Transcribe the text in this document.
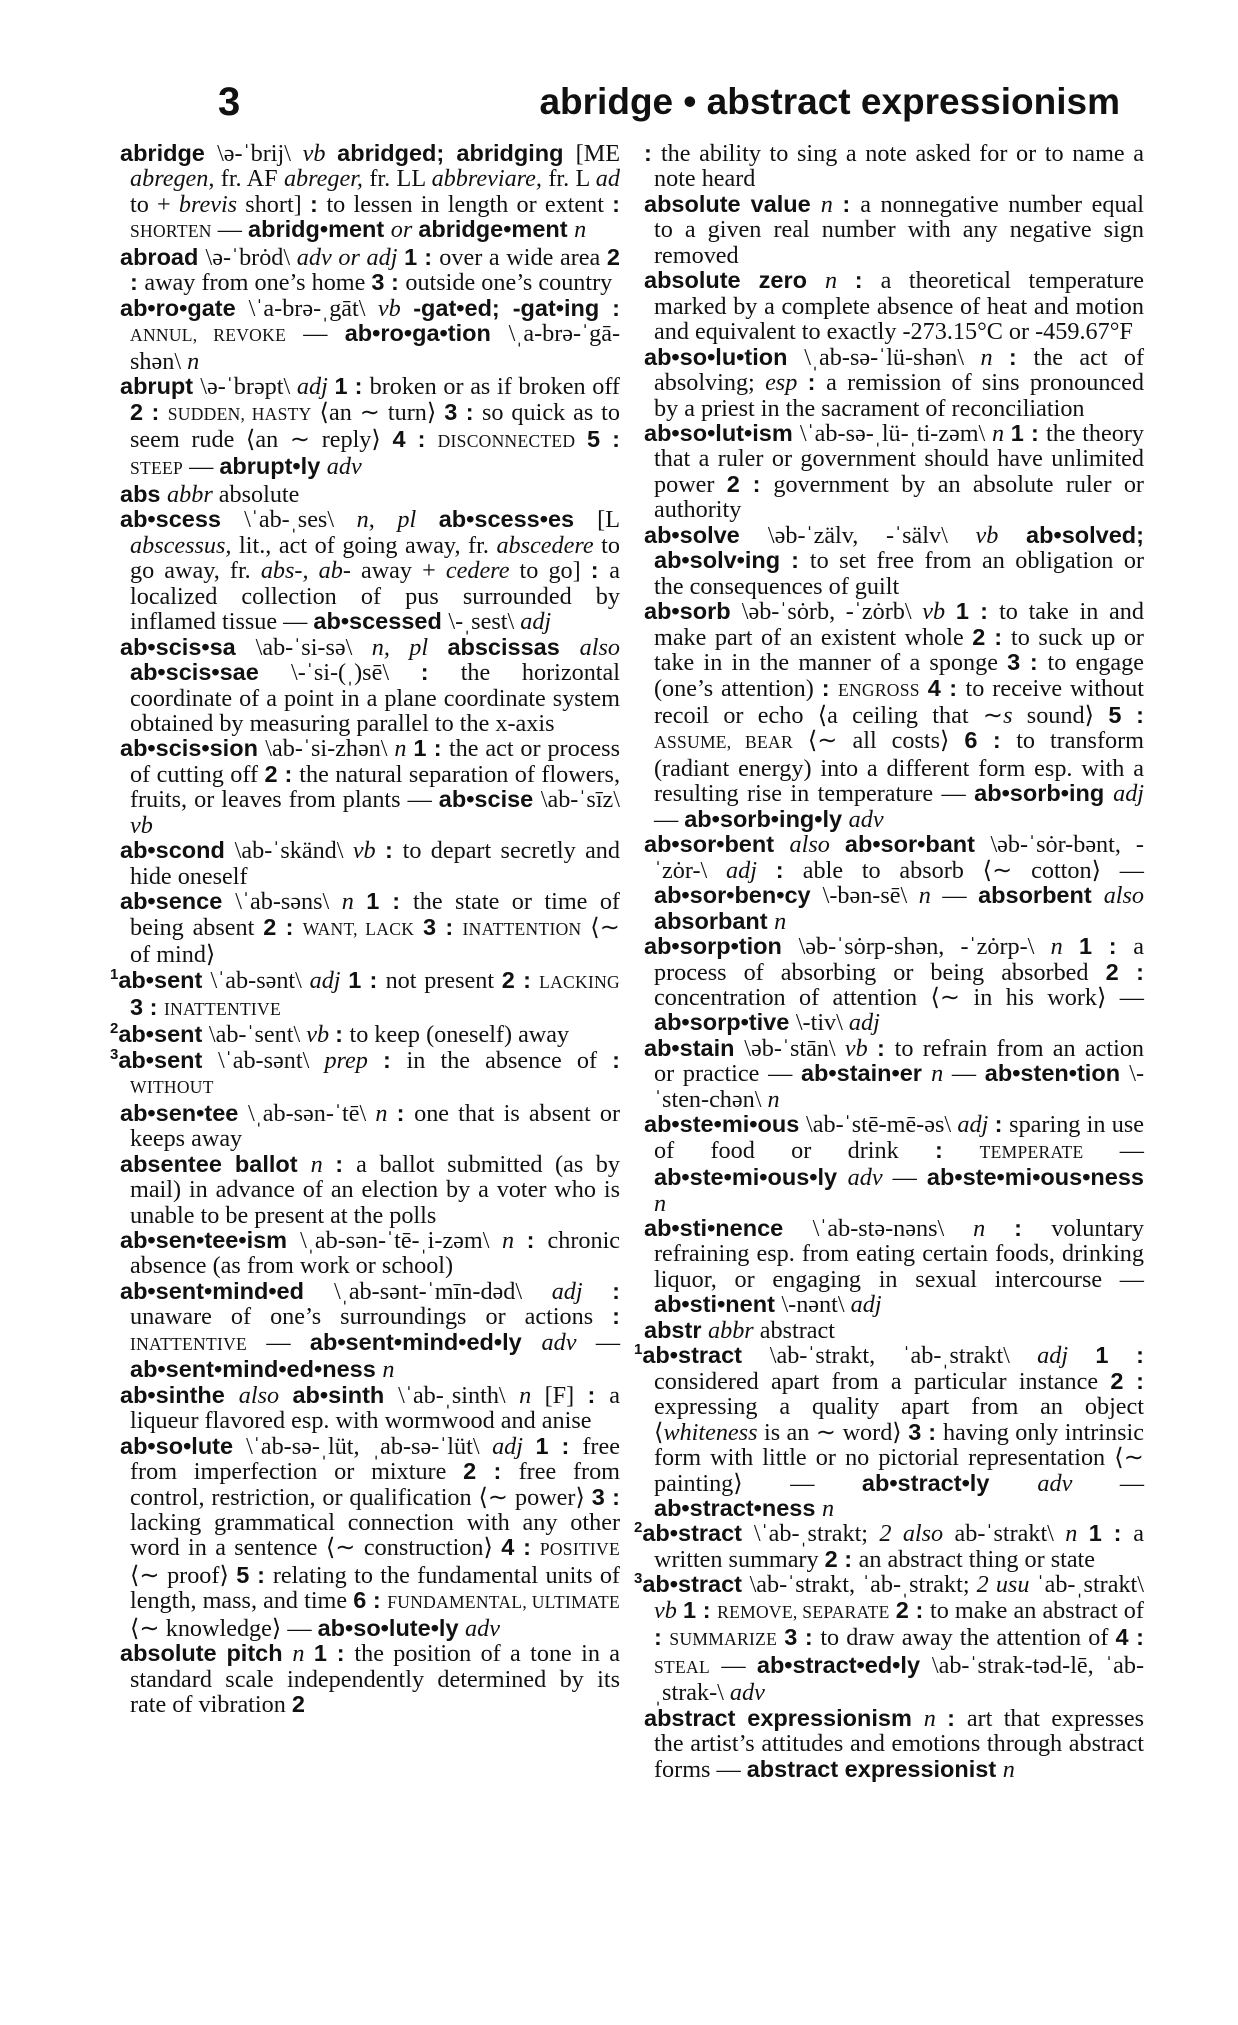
3	abridge • abstract expressionism

abridge \ə-ˈbrij\ vb abridged; abridging [ME abregen, fr. AF abreger, fr. LL abbreviare, fr. L ad to + brevis short] : to lessen in length or extent : SHORTEN — abridg•ment or abridge•ment n

abroad \ə-ˈbrȯd\ adv or adj 1 : over a wide area 2 : away from one’s home 3 : outside one’s country

ab•ro•gate \ˈa-brə-ˌgāt\ vb -gat•ed; -gat•ing : ANNUL, REVOKE — ab•ro•ga•tion \ˌa-brə-ˈgā-shən\ n

abrupt \ə-ˈbrəpt\ adj 1 : broken or as if broken off 2 : SUDDEN, HASTY ⟨an ∼ turn⟩ 3 : so quick as to seem rude ⟨an ∼ reply⟩ 4 : DISCONNECTED 5 : STEEP — abrupt•ly adv

abs abbr absolute

ab•scess \ˈab-ˌses\ n, pl ab•scess•es [L abscessus, lit., act of going away, fr. abscedere to go away, fr. abs-, ab- away + cedere to go] : a localized collection of pus surrounded by inflamed tissue — ab•scessed \-ˌsest\ adj

ab•scis•sa \ab-ˈsi-sə\ n, pl abscissas also ab•scis•sae \-ˈsi-(ˌ)sē\ : the horizontal coordinate of a point in a plane coordinate system obtained by measuring parallel to the x-axis

ab•scis•sion \ab-ˈsi-zhən\ n 1 : the act or process of cutting off 2 : the natural separation of flowers, fruits, or leaves from plants — ab•scise \ab-ˈsīz\ vb

ab•scond \ab-ˈskänd\ vb : to depart secretly and hide oneself

ab•sence \ˈab-səns\ n 1 : the state or time of being absent 2 : WANT, LACK 3 : INATTENTION ⟨∼ of mind⟩

$^1$ab•sent \ˈab-sənt\ adj 1 : not present 2 : LACKING 3 : INATTENTIVE

$^2$ab•sent \ab-ˈsent\ vb : to keep (oneself) away

$^3$ab•sent \ˈab-sənt\ prep : in the absence of : WITHOUT

ab•sen•tee \ˌab-sən-ˈtē\ n : one that is absent or keeps away

absentee ballot n : a ballot submitted (as by mail) in advance of an election by a voter who is unable to be present at the polls

ab•sen•tee•ism \ˌab-sən-ˈtē-ˌi-zəm\ n : chronic absence (as from work or school)

ab•sent•mind•ed \ˌab-sənt-ˈmīn-dəd\ adj : unaware of one’s surroundings or actions : INATTENTIVE — ab•sent•mind•ed•ly adv — ab•sent•mind•ed•ness n

ab•sinthe also ab•sinth \ˈab-ˌsinth\ n [F] : a liqueur flavored esp. with wormwood and anise

ab•so•lute \ˈab-sə-ˌlüt, ˌab-sə-ˈlüt\ adj 1 : free from imperfection or mixture 2 : free from control, restriction, or qualification ⟨∼ power⟩ 3 : lacking grammatical connection with any other word in a sentence ⟨∼ construction⟩ 4 : POSITIVE ⟨∼ proof⟩ 5 : relating to the fundamental units of length, mass, and time 6 : FUNDAMENTAL, ULTIMATE ⟨∼ knowledge⟩ — ab•so•lute•ly adv

absolute pitch n 1 : the position of a tone in a standard scale independently determined by its rate of vibration 2

: the ability to sing a note asked for or to name a note heard

absolute value n : a nonnegative number equal to a given real number with any negative sign removed

absolute zero n : a theoretical temperature marked by a complete absence of heat and motion and equivalent to exactly -273.15°C or -459.67°F

ab•so•lu•tion \ˌab-sə-ˈlü-shən\ n : the act of absolving; esp : a remission of sins pronounced by a priest in the sacrament of reconciliation

ab•so•lut•ism \ˈab-sə-ˌlü-ˌti-zəm\ n 1 : the theory that a ruler or government should have unlimited power 2 : government by an absolute ruler or authority

ab•solve \əb-ˈzälv, -ˈsälv\ vb ab•solved; ab•solv•ing : to set free from an obligation or the consequences of guilt

ab•sorb \əb-ˈsȯrb, -ˈzȯrb\ vb 1 : to take in and make part of an existent whole 2 : to suck up or take in in the manner of a sponge 3 : to engage (one’s attention) : ENGROSS 4 : to receive without recoil or echo ⟨a ceiling that ∼s sound⟩ 5 : ASSUME, BEAR ⟨∼ all costs⟩ 6 : to transform (radiant energy) into a different form esp. with a resulting rise in temperature — ab•sorb•ing adj — ab•sorb•ing•ly adv

ab•sor•bent also ab•sor•bant \əb-ˈsȯr-bənt, -ˈzȯr-\ adj : able to absorb ⟨∼ cotton⟩ — ab•sor•ben•cy \-bən-sē\ n — absorbent also absorbant n

ab•sorp•tion \əb-ˈsȯrp-shən, -ˈzȯrp-\ n 1 : a process of absorbing or being absorbed 2 : concentration of attention ⟨∼ in his work⟩ — ab•sorp•tive \-tiv\ adj

ab•stain \əb-ˈstān\ vb : to refrain from an action or practice — ab•stain•er n — ab•sten•tion \-ˈsten-chən\ n

ab•ste•mi•ous \ab-ˈstē-mē-əs\ adj : sparing in use of food or drink : TEMPERATE — ab•ste•mi•ous•ly adv — ab•ste•mi•ous•ness n

ab•sti•nence \ˈab-stə-nəns\ n : voluntary refraining esp. from eating certain foods, drinking liquor, or engaging in sexual intercourse — ab•sti•nent \-nənt\ adj

abstr abbr abstract

$^1$ab•stract \ab-ˈstrakt, ˈab-ˌstrakt\ adj 1 : considered apart from a particular instance 2 : expressing a quality apart from an object ⟨whiteness is an ∼ word⟩ 3 : having only intrinsic form with little or no pictorial representation ⟨∼ painting⟩ — ab•stract•ly adv — ab•stract•ness n

$^2$ab•stract \ˈab-ˌstrakt; 2 also ab-ˈstrakt\ n 1 : a written summary 2 : an abstract thing or state

$^3$ab•stract \ab-ˈstrakt, ˈab-ˌstrakt; 2 usu ˈab-ˌstrakt\ vb 1 : REMOVE, SEPARATE 2 : to make an abstract of : SUMMARIZE 3 : to draw away the attention of 4 : STEAL — ab•stract•ed•ly \ab-ˈstrak-təd-lē, ˈab-ˌstrak-\ adv

abstract expressionism n : art that expresses the artist’s attitudes and emotions through abstract forms — abstract expressionist n
